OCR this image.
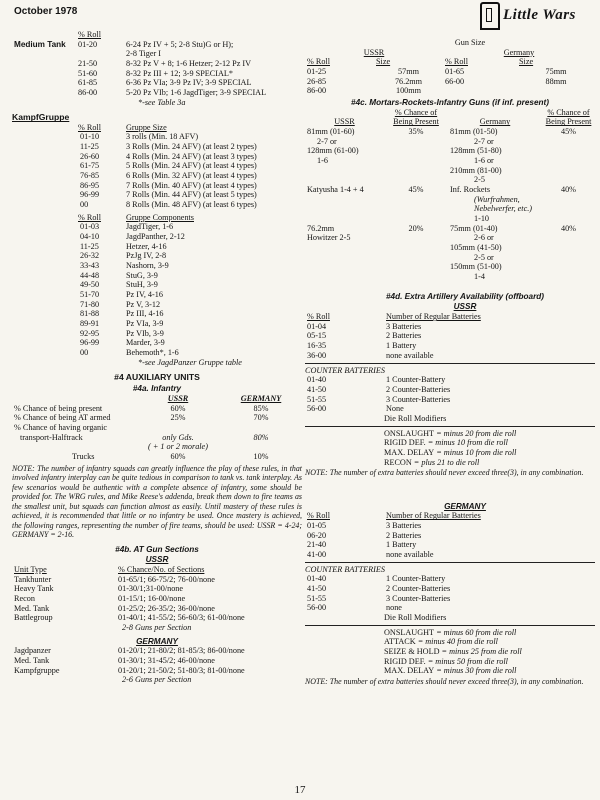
October 1978	Little Wars
	% Roll	
Medium Tank	01-20	6-24 Pz IV + 5; 2-8 Stu)G or H);
		2-8 Tiger I
	21-50	8-32 Pz V + 8; 1-6 Hetzer; 2-12 Pz IV
	51-60	8-32 Pz III + 12; 3-9 SPECIAL*
	61-85	6-36 Pz VIa; 3-9 Pz IV; 3-9 SPECIAL
	86-00	5-20 Pz VIb; 1-6 JagdTiger; 3-9 SPECIAL
		*-see Table 3a
KampfGruppe
	% Roll	Gruppe Size
	01-10	3 rolls (Min. 18 AFV)
	11-25	3 Rolls (Min. 24 AFV) (at least 2 types)
	26-60	4 Rolls (Min. 24 AFV) (at least 3 types)
	61-75	5 Rolls (Min. 24 AFV) (at least 4 types)
	76-85	6 Rolls (Min. 32 AFV) (at least 4 types)
	86-95	7 Rolls (Min. 40 AFV) (at least 4 types)
	96-99	7 Rolls (Min. 44 AFV) (at least 5 types)
	00	8 Rolls (Min. 48 AFV) (at least 6 types)
	% Roll	Gruppe Components
	01-03	JagdTiger, 1-6
	04-10	JagdPanther, 2-12
	11-25	Hetzer, 4-16
	26-32	PzJg IV, 2-8
	33-43	Nashorn, 3-9
	44-48	StuG, 3-9
	49-50	StuH, 3-9
	51-70	Pz IV, 4-16
	71-80	Pz V, 3-12
	81-88	Pz III, 4-16
	89-91	Pz VIa, 3-9
	92-95	Pz VIb, 3-9
	96-99	Marder, 3-9
	00	Behemoth*, 1-6
		*-see JagdPanzer Gruppe table
#4 AUXILIARY UNITS
#4a. Infantry
	USSR	GERMANY
% Chance of being present	60%	85%
% Chance of being AT armed	25%	70%
% Chance of having organic		
transport-Halftrack	only Gds.	80%
	( + 1 or 2 morale)	
Trucks	60%	10%
NOTE: The number of infantry squads can greatly influence the play of these rules, in that involved infantry interplay can be quite tedious in comparison to tank vs. tank interplay. As few scenarios would be authentic with a complete absence of infantry, some should be provided for. The WRG rules, and Mike Reese's addenda, break them down to fire teams as the smallest unit, but squads can function almost as easily. Until mastery of these rules is achieved, it is recommended that little or no infantry be used. Once mastery is achieved, the following ranges, representing the number of fire teams, should be used: USSR = 4-24; GERMANY = 2-16.
#4b. AT Gun Sections
USSR
Unit Type	% Chance/No. of Sections
Tankhunter	01-65/1; 66-75/2; 76-00/none
Heavy Tank	01-30/1;31-00/none
Recon	01-15/1; 16-00/none
Med. Tank	01-25/2; 26-35/2; 36-00/none
Battlegroup	01-40/1; 41-55/2; 56-60/3; 61-00/none
	2-8 Guns per Section
GERMANY
Jagdpanzer	01-20/1; 21-80/2; 81-85/3; 86-00/none
Med. Tank	01-30/1; 31-45/2; 46-00/none
Kampfgruppe	01-20/1; 21-50/2; 51-80/3; 81-00/none
	2-6 Guns per Section
Gun Size
USSR		Germany	
% Roll	Size	% Roll	Size
01-25	57mm	01-65	75mm
26-85	76.2mm	66-00	88mm
86-00	100mm		
#4c. Mortars-Rockets-Infantry Guns (if inf. present)
USSR	% Chance of Being Present	Germany	% Chance of Being Present
81mm (01-60)	35%	81mm (01-50)	45%
2-7 or		2-7 or	
128mm (61-00)		128mm (51-80)	
1-6		1-6 or	
		210mm (81-00)	
		2-5	
Katyusha 1-4 + 4	45%	Inf. Rockets	40%
		(Wurfrahmen,	
		Nebelwerfer, etc.)	
		1-10	
76.2mm	20%	75mm (01-40)	40%
Howitzer 2-5		2-6 or	
		105mm (41-50)	
		2-5 or	
		150mm (51-00)	
		1-4	
#4d. Extra Artillery Availability (offboard)
USSR
% Roll	Number of Regular Batteries
01-04	3 Batteries
05-15	2 Batteries
16-35	1 Battery
36-00	none available
COUNTER BATTERIES
01-40	1 Counter-Battery
41-50	2 Counter-Batteries
51-55	3 Counter-Batteries
56-00	None
Die Roll Modifiers
ONSLAUGHT = minus 20 from die roll
RIGID DEF. = minus 10 from die roll
MAX. DELAY = minus 10 from die roll
RECON = plus 21 to die roll
NOTE: The number of extra batteries should never exceed three(3), in any combination.
GERMANY
% Roll	Number of Regular Batteries
01-05	3 Batteries
06-20	2 Batteries
21-40	1 Battery
41-00	none available
COUNTER BATTERIES
01-40	1 Counter-Battery
41-50	2 Counter-Batteries
51-55	3 Counter-Batteries
56-00	none
Die Roll Modifiers
ONSLAUGHT = minus 60 from die roll
ATTACK = minus 40 from die roll
SEIZE & HOLD = minus 25 from die roll
RIGID DEF. = minus 50 from die roll
MAX. DELAY = minus 30 from die roll
NOTE: The number of extra batteries should never exceed three(3), in any combination.
17
